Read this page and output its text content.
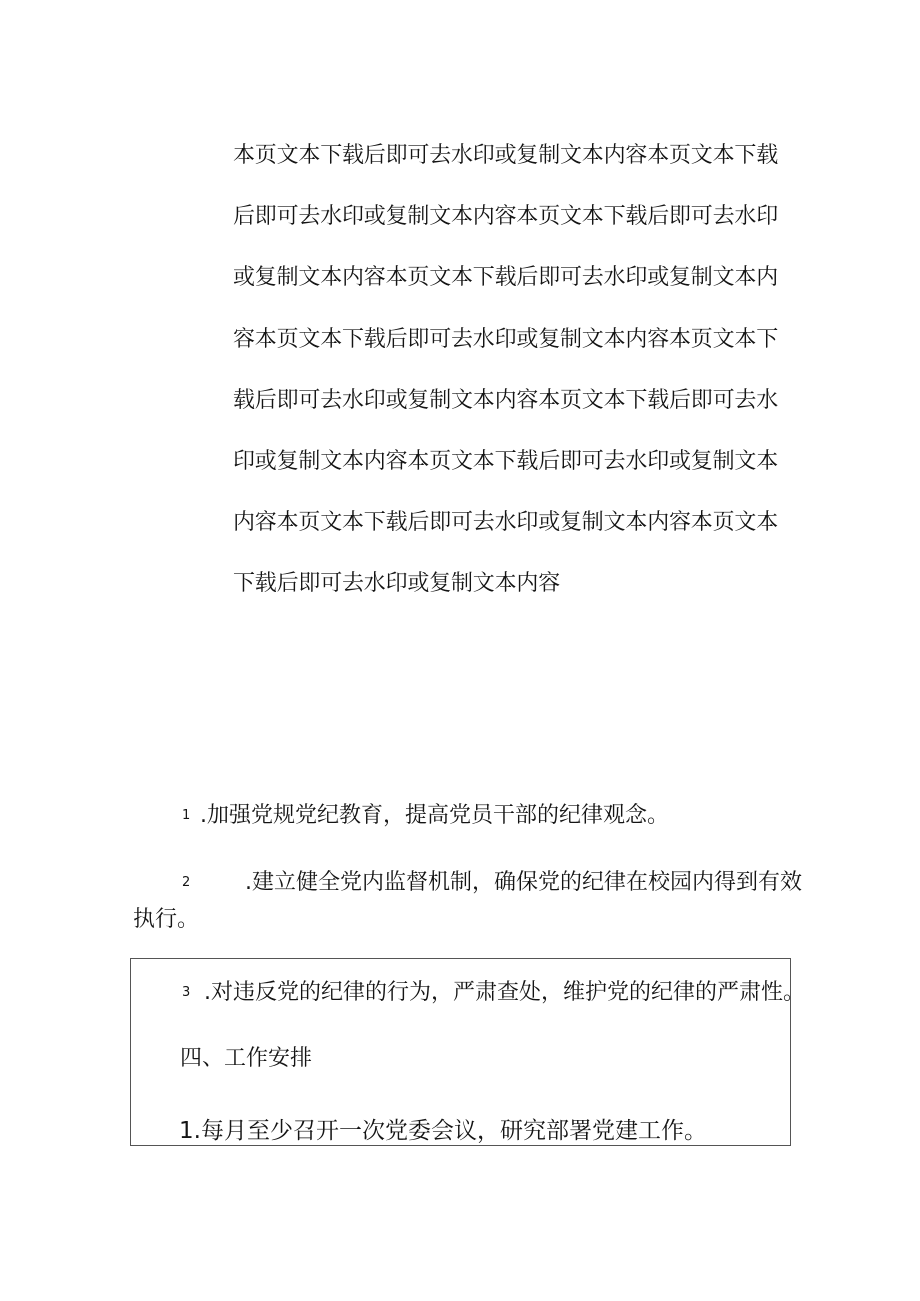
本页文本下载后即可去水印或复制文本内容本页文本下载后即可去水印或复制文本内容本页文本下载后即可去水印或复制文本内容本页文本下载后即可去水印或复制文本内容本页文本下载后即可去水印或复制文本内容本页文本下载后即可去水印或复制文本内容本页文本下载后即可去水印或复制文本内容本页文本下载后即可去水印或复制文本内容本页文本下载后即可去水印或复制文本内容本页文本下载后即可去水印或复制文本内容
1 .加强党规党纪教育，提高党员干部的纪律观念。
2 .建立健全党内监督机制，确保党的纪律在校园内得到有效
执行。
3 .对违反党的纪律的行为，严肃查处，维护党的纪律的严肃性。
四、工作安排
1.每月至少召开一次党委会议，研究部署党建工作。
